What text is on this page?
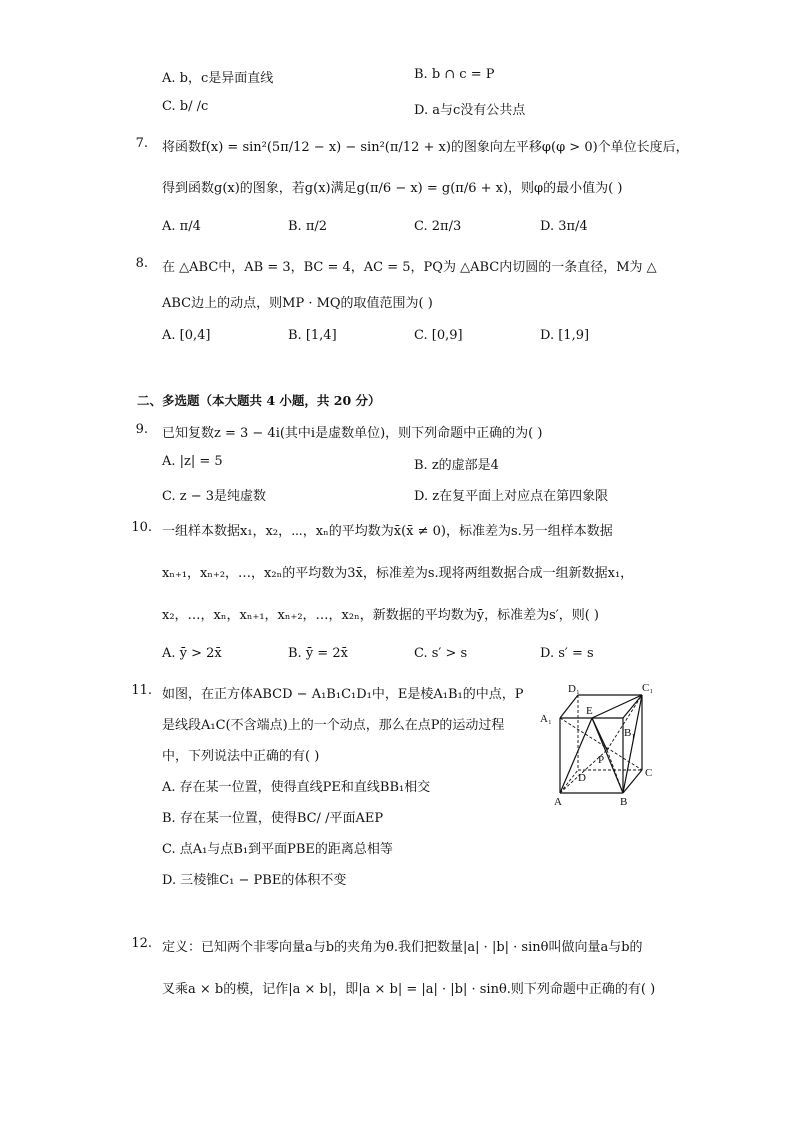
A. b，c是异面直线	B. b ∩ c = P
C. b/ /c	D. a与c没有公共点
7. 将函数f(x) = sin²(5π/12 − x) − sin²(π/12 + x)的图象向左平移φ(φ > 0)个单位长度后，
得到函数g(x)的图象，若g(x)满足g(π/6 − x) = g(π/6 + x)，则φ的最小值为( )
A. π/4	B. π/2	C. 2π/3	D. 3π/4
8. 在 △ABC中，AB = 3，BC = 4，AC = 5，PQ为 △ABC内切圆的一条直径，M为 △
ABC边上的动点，则MP · MQ的取值范围为( )
A. [0,4]	B. [1,4]	C. [0,9]	D. [1,9]
二、多选题（本大题共 4 小题，共 20 分）
9. 已知复数z = 3 − 4i(其中i是虚数单位)，则下列命题中正确的为( )
A. |z| = 5	B. z的虚部是4
C. z − 3是纯虚数	D. z在复平面上对应点在第四象限
10. 一组样本数据x₁，x₂，⋯，xₙ的平均数为x̄(x̄ ≠ 0)，标准差为s.另一组样本数据
xₙ₊₁，xₙ₊₂，…，x₂ₙ的平均数为3x̄，标准差为s.现将两组数据合成一组新数据x₁，
x₂，…，xₙ，xₙ₊₁，xₙ₊₂，…，x₂ₙ，新数据的平均数为ȳ，标准差为s′，则( )
A. ȳ > 2x̄	B. ȳ = 2x̄	C. s′ > s	D. s′ = s
11. 如图，在正方体ABCD − A₁B₁C₁D₁中，E是棱A₁B₁的中点，P
是线段A₁C(不含端点)上的一个动点，那么在点P的运动过程
中，下列说法中正确的有( )
A. 存在某一位置，使得直线PE和直线BB₁相交
B. 存在某一位置，使得BC/ /平面AEP
C. 点A₁与点B₁到平面PBE的距离总相等
D. 三棱锥C₁ − PBE的体积不变
A₁
B₁
C₁
D₁
E
P
D	C
A	B
12. 定义：已知两个非零向量a与b的夹角为θ.我们把数量|a| · |b| · sinθ叫做向量a与b的
叉乘a × b的模，记作|a × b|，即|a × b| = |a| · |b| · sinθ.则下列命题中正确的有( )
